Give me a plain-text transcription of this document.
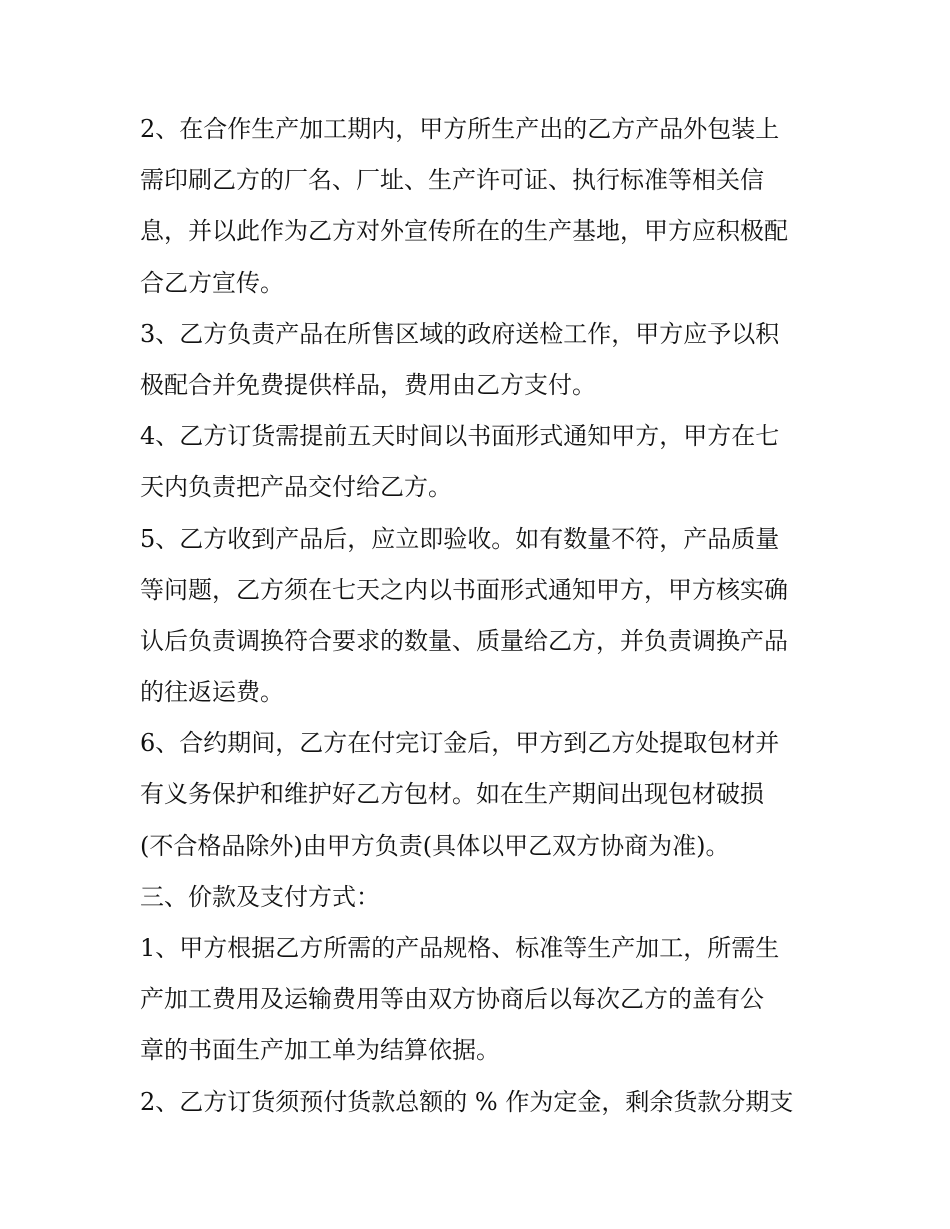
2、在合作生产加工期内，甲方所生产出的乙方产品外包装上
需印刷乙方的厂名、厂址、生产许可证、执行标准等相关信
息，并以此作为乙方对外宣传所在的生产基地，甲方应积极配
合乙方宣传。
3、乙方负责产品在所售区域的政府送检工作，甲方应予以积
极配合并免费提供样品，费用由乙方支付。
4、乙方订货需提前五天时间以书面形式通知甲方，甲方在七
天内负责把产品交付给乙方。
5、乙方收到产品后，应立即验收。如有数量不符，产品质量
等问题，乙方须在七天之内以书面形式通知甲方，甲方核实确
认后负责调换符合要求的数量、质量给乙方，并负责调换产品
的往返运费。
6、合约期间，乙方在付完订金后，甲方到乙方处提取包材并
有义务保护和维护好乙方包材。如在生产期间出现包材破损
(不合格品除外)由甲方负责(具体以甲乙双方协商为准)。
三、价款及支付方式：
1、甲方根据乙方所需的产品规格、标准等生产加工，所需生
产加工费用及运输费用等由双方协商后以每次乙方的盖有公
章的书面生产加工单为结算依据。
2、乙方订货须预付货款总额的 % 作为定金，剩余货款分期支
